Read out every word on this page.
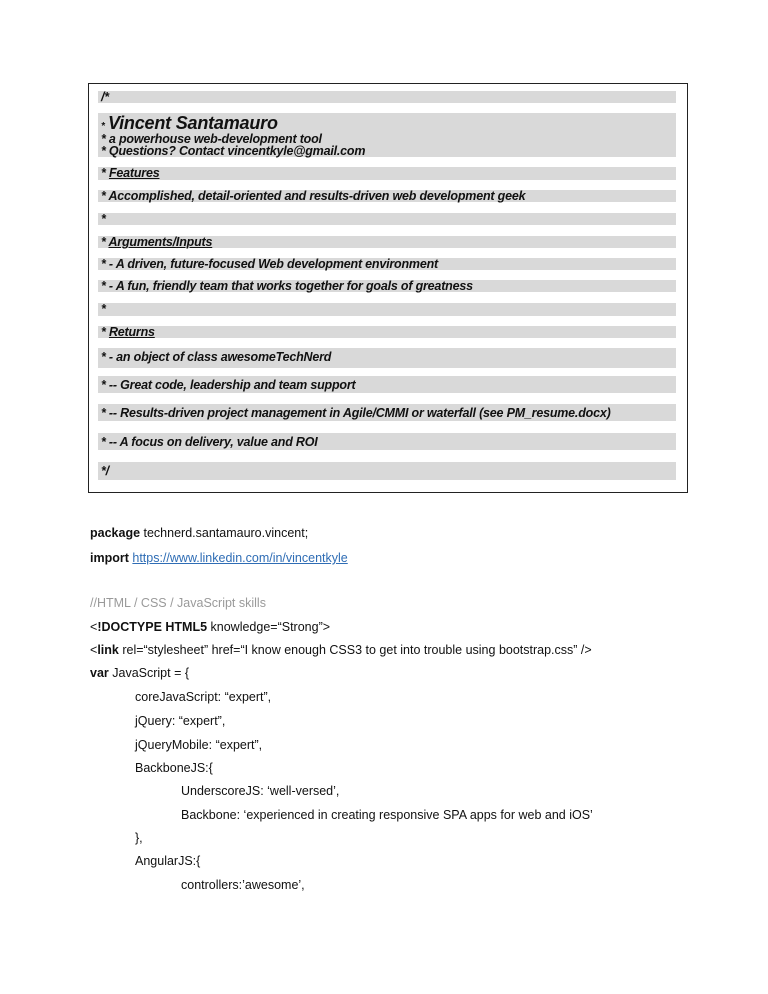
/*
* Vincent Santamauro
* a powerhouse web-development tool
* Questions? Contact vincentkyle@gmail.com
* Features
* Accomplished, detail-oriented and results-driven web development geek
*
* Arguments/Inputs
* - A driven, future-focused Web development environment
* - A fun, friendly team that works together for goals of greatness
*
* Returns
* - an object of class awesomeTechNerd
* -- Great code, leadership and team support
* -- Results-driven project management in Agile/CMMI or waterfall (see PM_resume.docx)
* -- A focus on delivery, value and ROI
*/
package technerd.santamauro.vincent;
import https://www.linkedin.com/in/vincentkyle
//HTML / CSS / JavaScript skills
<!DOCTYPE HTML5 knowledge=“Strong”>
<link rel=“stylesheet” href=“I know enough CSS3 to get into trouble using bootstrap.css” />
var JavaScript = {
coreJavaScript: “expert”,
jQuery: “expert”,
jQueryMobile: “expert”,
BackboneJS:{
UnderscoreJS: ‘well-versed’,
Backbone: ‘experienced in creating responsive SPA apps for web and iOS’
},
AngularJS:{
controllers:’awesome’,
